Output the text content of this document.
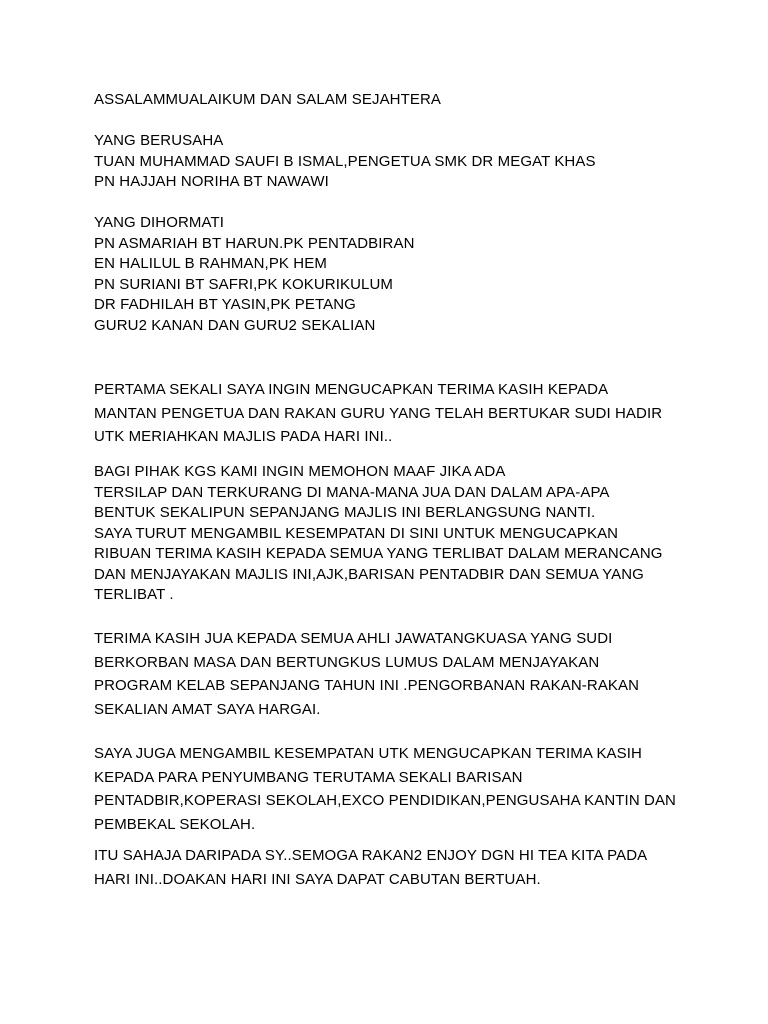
ASSALAMMUALAIKUM DAN SALAM SEJAHTERA
YANG BERUSAHA
TUAN MUHAMMAD SAUFI B ISMAL,PENGETUA SMK DR MEGAT KHAS
PN HAJJAH NORIHA BT NAWAWI
YANG DIHORMATI
PN ASMARIAH BT HARUN.PK PENTADBIRAN
EN HALILUL B RAHMAN,PK HEM
PN SURIANI BT SAFRI,PK KOKURIKULUM
DR FADHILAH BT YASIN,PK PETANG
GURU2 KANAN DAN GURU2 SEKALIAN
PERTAMA SEKALI SAYA INGIN MENGUCAPKAN TERIMA KASIH KEPADA
MANTAN PENGETUA DAN RAKAN GURU YANG TELAH BERTUKAR SUDI HADIR
UTK MERIAHKAN MAJLIS PADA HARI INI..
BAGI PIHAK KGS KAMI INGIN MEMOHON MAAF JIKA ADA
TERSILAP DAN TERKURANG DI MANA-MANA JUA DAN DALAM APA-APA
BENTUK SEKALIPUN SEPANJANG MAJLIS INI BERLANGSUNG NANTI.
SAYA TURUT MENGAMBIL KESEMPATAN DI SINI UNTUK MENGUCAPKAN
RIBUAN TERIMA KASIH KEPADA SEMUA YANG TERLIBAT DALAM MERANCANG
DAN MENJAYAKAN MAJLIS INI,AJK,BARISAN PENTADBIR DAN SEMUA YANG
TERLIBAT .
TERIMA KASIH JUA KEPADA SEMUA AHLI JAWATANGKUASA YANG SUDI
BERKORBAN MASA DAN BERTUNGKUS LUMUS DALAM MENJAYAKAN
PROGRAM KELAB SEPANJANG TAHUN INI .PENGORBANAN RAKAN-RAKAN
SEKALIAN AMAT SAYA HARGAI.
SAYA JUGA MENGAMBIL KESEMPATAN UTK MENGUCAPKAN TERIMA KASIH
KEPADA PARA PENYUMBANG TERUTAMA SEKALI BARISAN
PENTADBIR,KOPERASI SEKOLAH,EXCO PENDIDIKAN,PENGUSAHA KANTIN DAN
PEMBEKAL SEKOLAH.
ITU SAHAJA DARIPADA SY..SEMOGA RAKAN2 ENJOY DGN HI TEA KITA PADA
HARI INI..DOAKAN HARI INI SAYA DAPAT CABUTAN BERTUAH.
